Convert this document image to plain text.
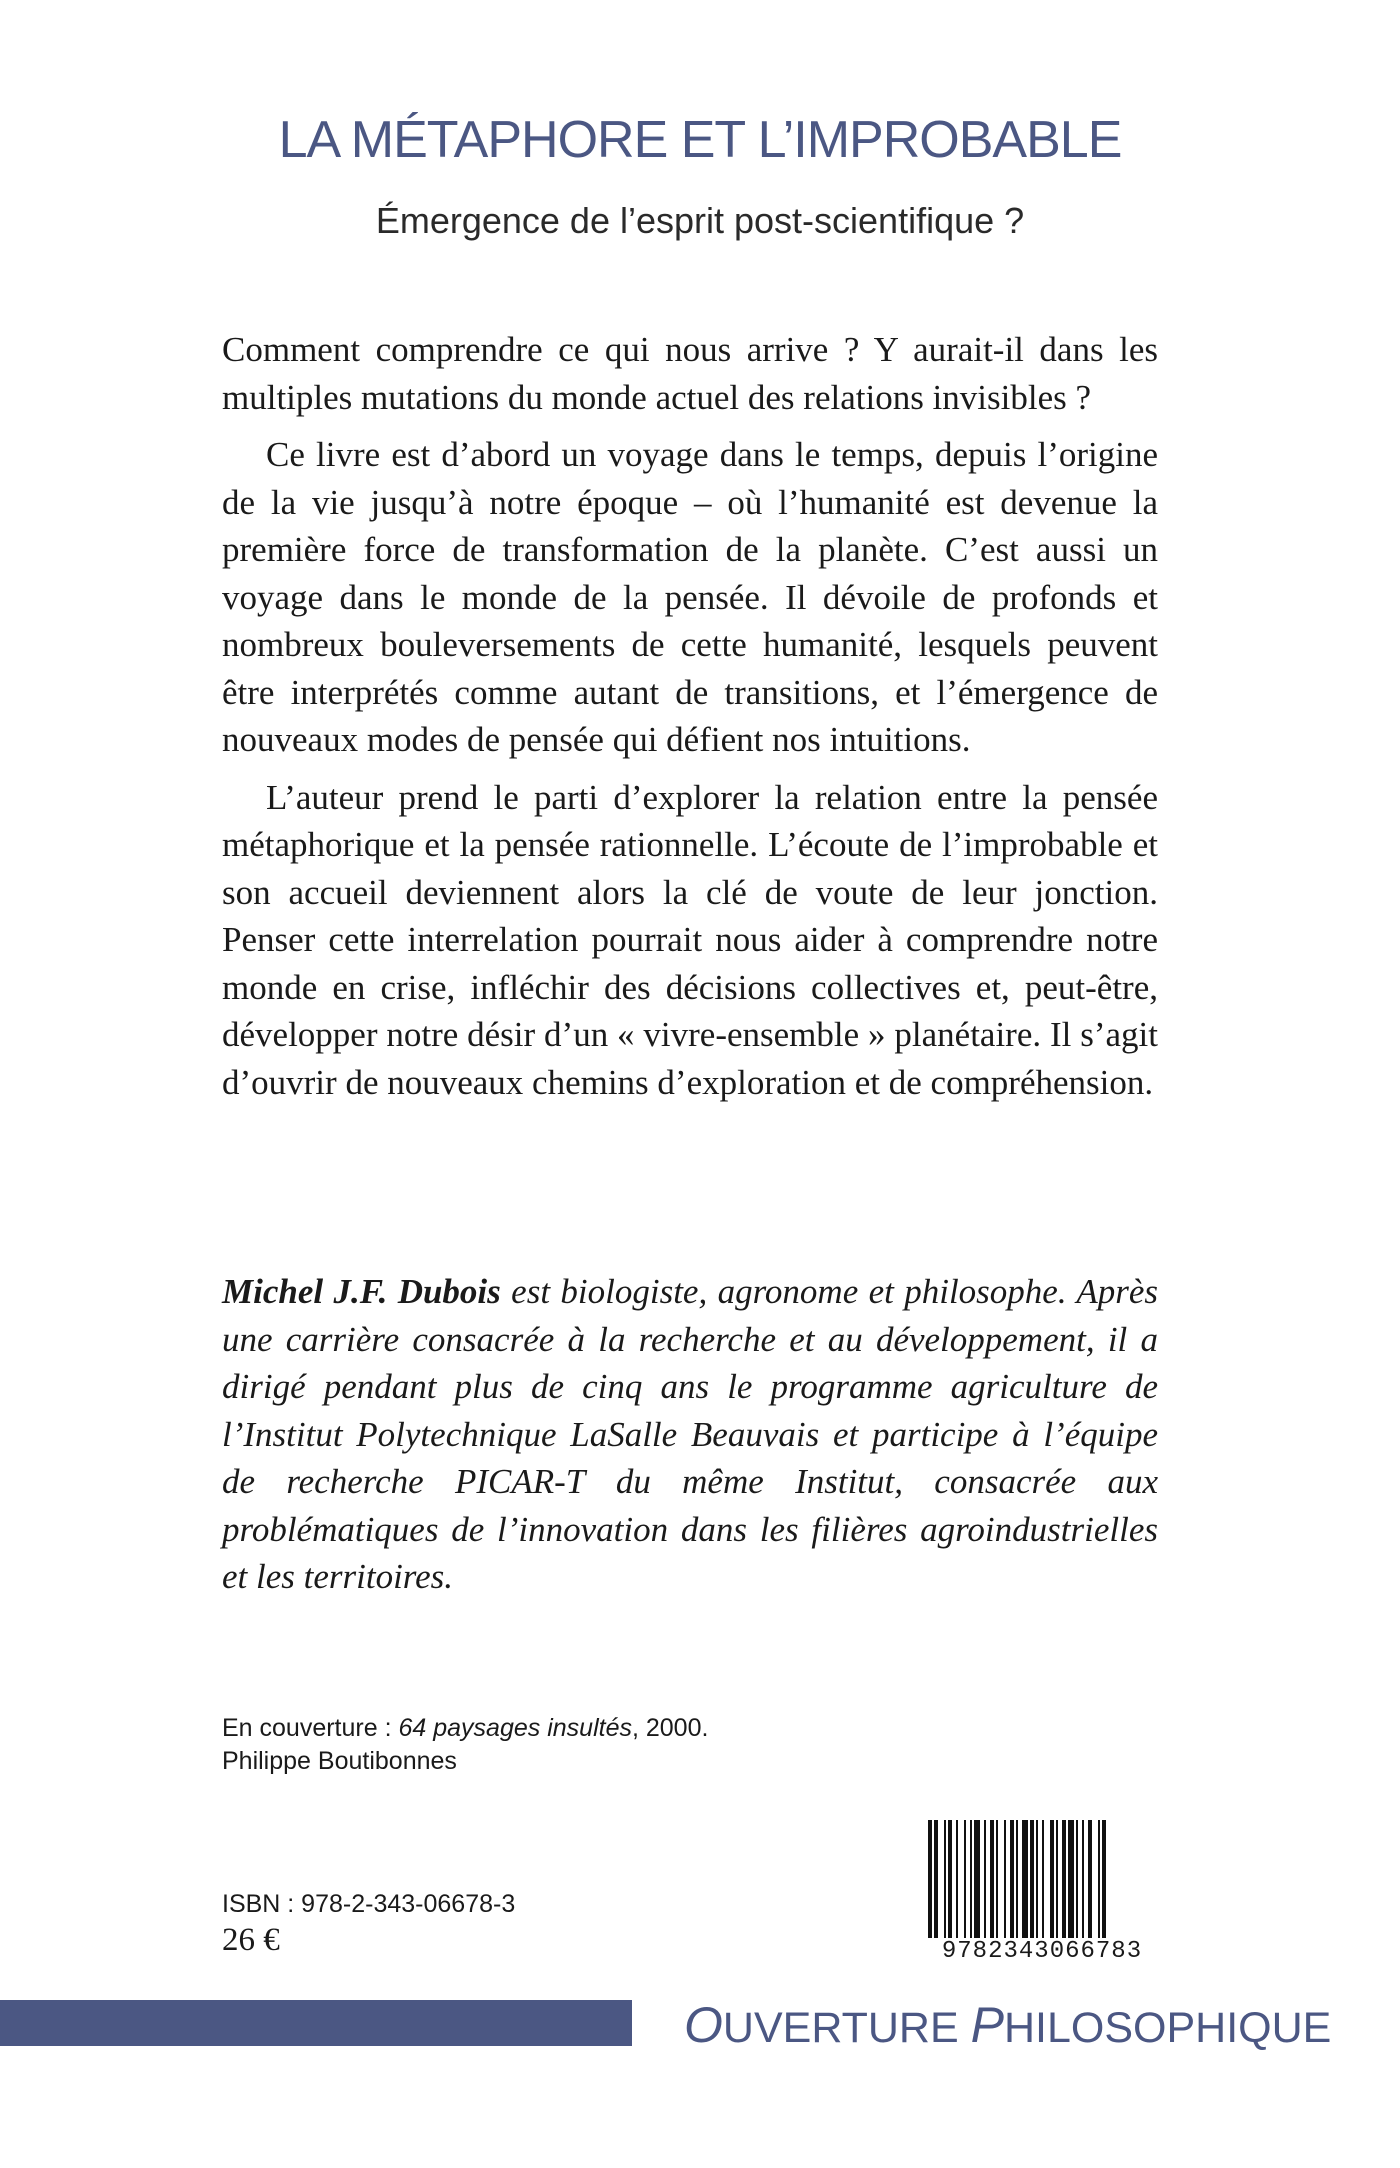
LA MÉTAPHORE ET L’IMPROBABLE
Émergence de l’esprit post-scientifique ?

Comment comprendre ce qui nous arrive ? Y aurait-il dans les multiples mutations du monde actuel des relations invisibles ?

Ce livre est d’abord un voyage dans le temps, depuis l’origine de la vie jusqu’à notre époque – où l’humanité est devenue la première force de transformation de la planète. C’est aussi un voyage dans le monde de la pensée. Il dévoile de profonds et nombreux bouleversements de cette humanité, lesquels peuvent être interprétés comme autant de transitions, et l’émergence de nouveaux modes de pensée qui défient nos intuitions.

L’auteur prend le parti d’explorer la relation entre la pensée métaphorique et la pensée rationnelle. L’écoute de l’improbable et son accueil deviennent alors la clé de voute de leur jonction. Penser cette interrelation pourrait nous aider à comprendre notre monde en crise, infléchir des décisions collectives et, peut-être, développer notre désir d’un « vivre-ensemble » planétaire. Il s’agit d’ouvrir de nouveaux chemins d’exploration et de compréhension.

Michel J.F. Dubois est biologiste, agronome et philosophe. Après une carrière consacrée à la recherche et au développement, il a dirigé pendant plus de cinq ans le programme agriculture de l’Institut Polytechnique LaSalle Beauvais et participe à l’équipe de recherche PICAR-T du même Institut, consacrée aux problématiques de l’innovation dans les filières agroindustrielles et les territoires.
En couverture : 64 paysages insultés, 2000.
Philippe Boutibonnes
ISBN : 978-2-343-06678-3
26 €	9782343066783
OUVERTURE PHILOSOPHIQUE
